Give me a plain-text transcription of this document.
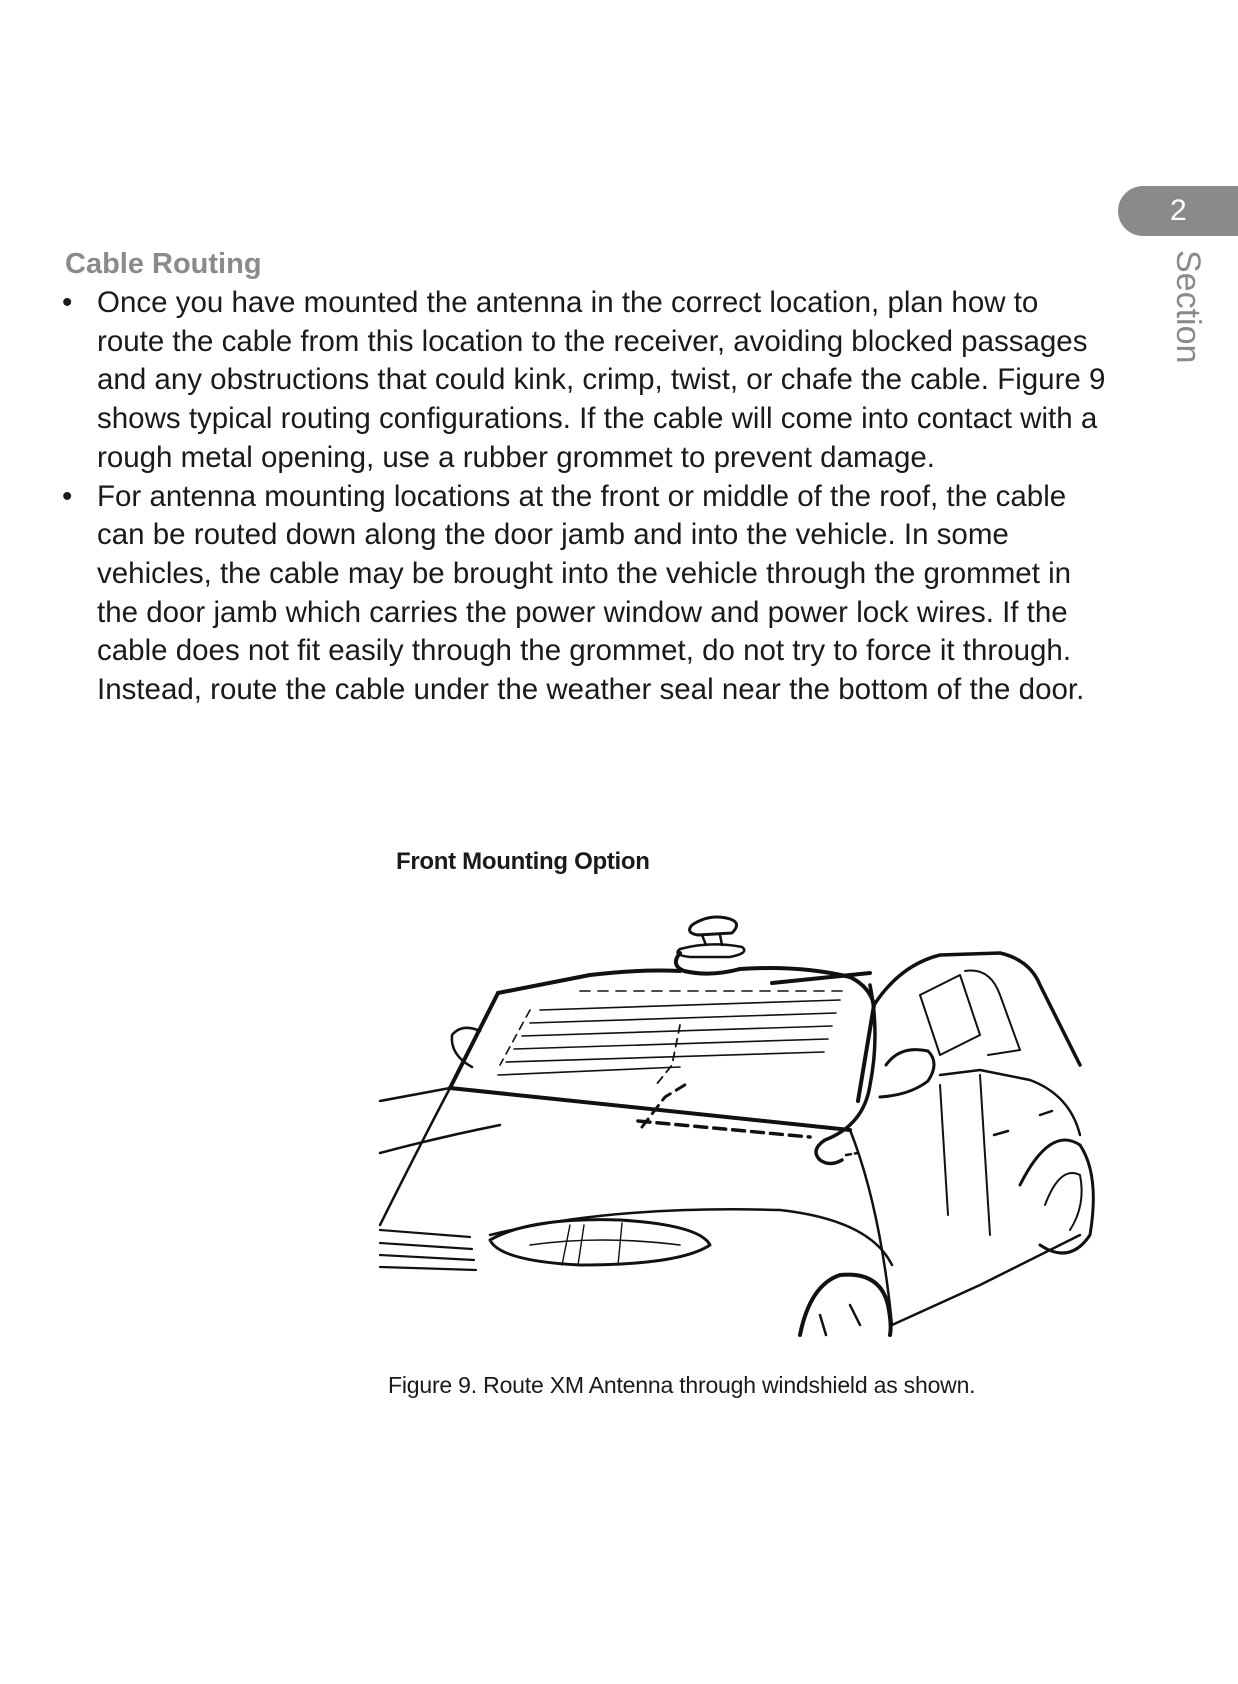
2
Section
Cable Routing
• Once you have mounted the antenna in the correct location, plan how to route the cable from this location to the receiver, avoiding blocked passages and any obstructions that could kink, crimp, twist, or chafe the cable. Figure 9 shows typical routing configurations. If the cable will come into contact with a rough metal opening, use a rubber grommet to prevent damage.
• For antenna mounting locations at the front or middle of the roof, the cable can be routed down along the door jamb and into the vehicle. In some vehicles, the cable may be brought into the vehicle through the grommet in the door jamb which carries the power window and power lock wires. If the cable does not fit easily through the grommet, do not try to force it through. Instead, route the cable under the weather seal near the bottom of the door.
Front Mounting Option
Figure 9. Route XM Antenna through windshield as shown.
